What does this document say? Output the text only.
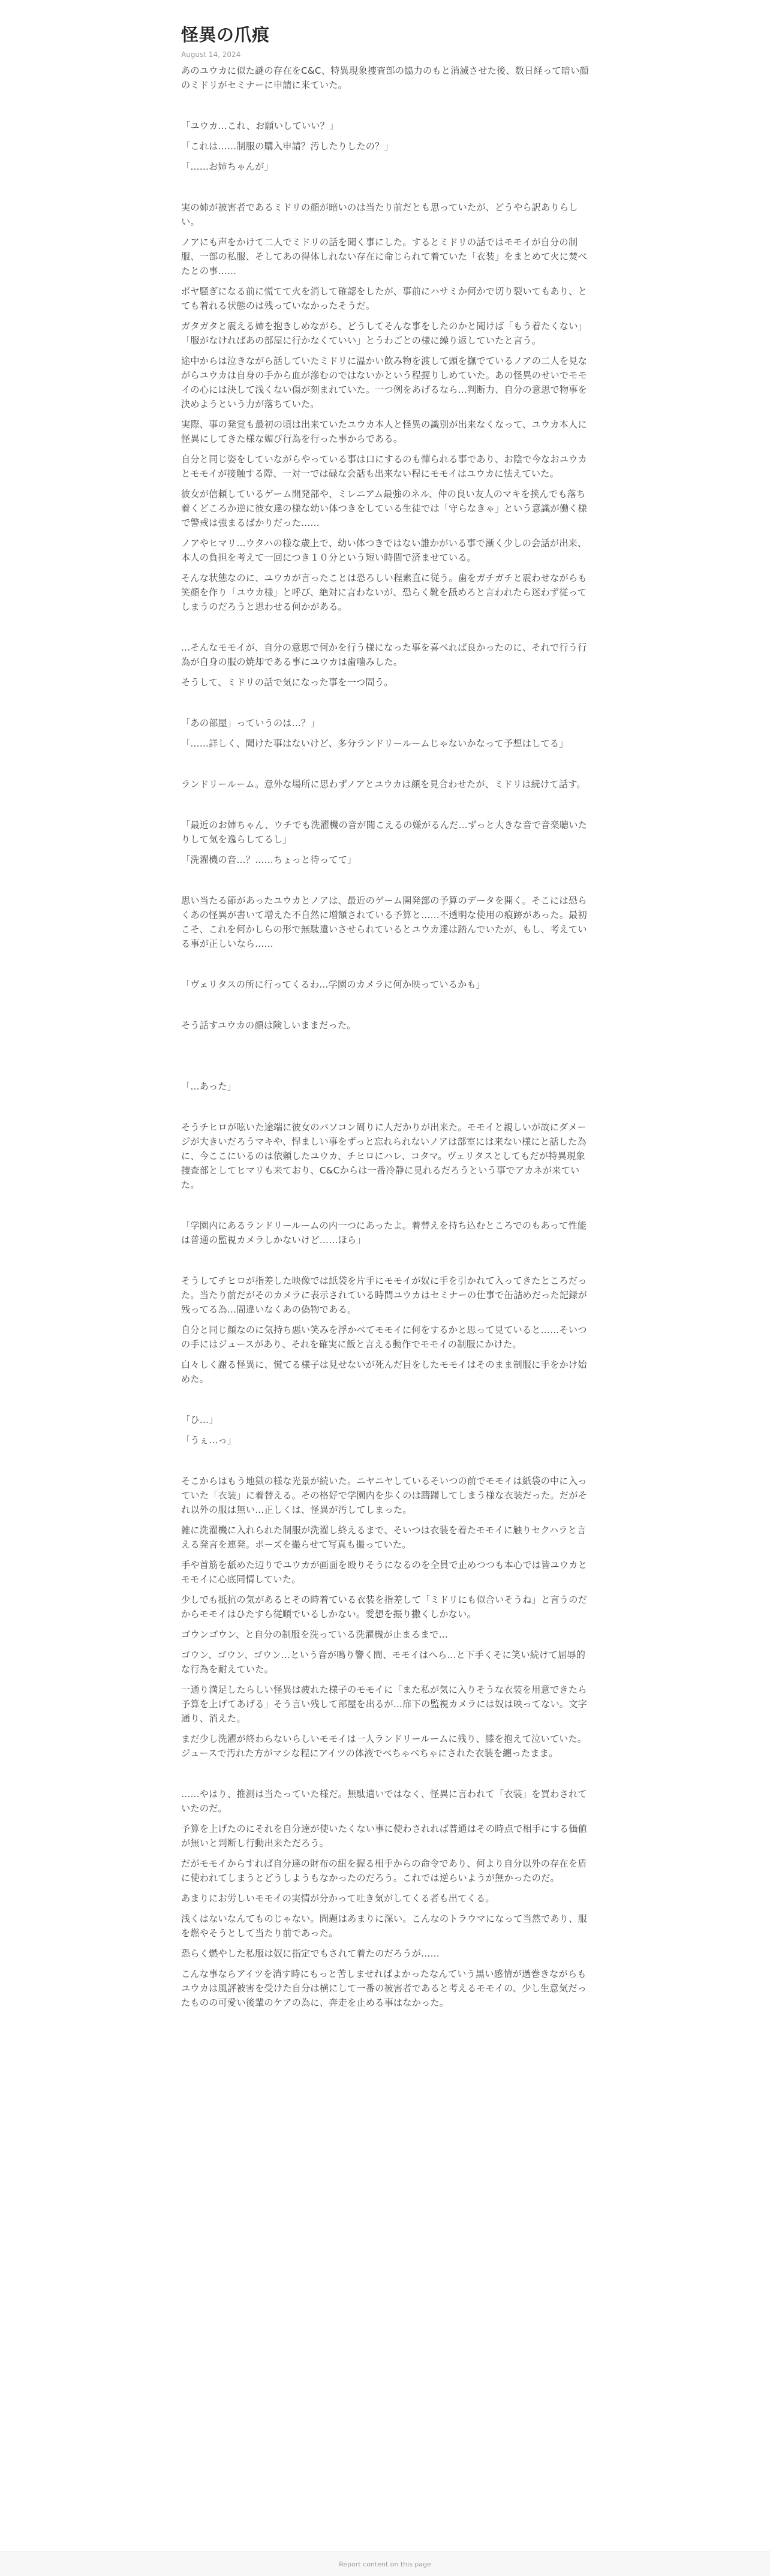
怪異の爪痕
August 14, 2024

あのユウカに似た謎の存在をC&C、特異現象捜査部の協力のもと消滅させた後、数日経って暗い顔のミドリがセミナーに申請に来ていた。

「ユウカ…これ、お願いしていい？」

「これは……制服の購入申請？汚したりしたの？」

「……お姉ちゃんが」

実の姉が被害者であるミドリの顔が暗いのは当たり前だとも思っていたが、どうやら訳ありらしい。

ノアにも声をかけて二人でミドリの話を聞く事にした。するとミドリの話ではモモイが自分の制服、一部の私服、そしてあの得体しれない存在に命じられて着ていた「衣装」をまとめて火に焚べたとの事……

ボヤ騒ぎになる前に慌てて火を消して確認をしたが、事前にハサミか何かで切り裂いてもあり、とても着れる状態のは残っていなかったそうだ。

ガタガタと震える姉を抱きしめながら、どうしてそんな事をしたのかと聞けば「もう着たくない」「服がなければあの部屋に行かなくていい」とうわごとの様に繰り返していたと言う。

途中からは泣きながら話していたミドリに温かい飲み物を渡して頭を撫でているノアの二人を見ながらユウカは自身の手から血が滲むのではないかという程握りしめていた。あの怪異のせいでモモイの心には決して浅くない傷が刻まれていた。一つ例をあげるなら…判断力、自分の意思で物事を決めようという力が落ちていた。

実際、事の発覚も最初の頃は出来ていたユウカ本人と怪異の識別が出来なくなって、ユウカ本人に怪異にしてきた様な媚び行為を行った事からである。

自分と同じ姿をしていながらやっている事は口にするのも憚られる事であり、お陰で今なおユウカとモモイが接触する際、一対一では碌な会話も出来ない程にモモイはユウカに怯えていた。

彼女が信頼しているゲーム開発部や、ミレニアム最強のネル、仲の良い友人のマキを挟んでも落ち着くどころか逆に彼女達の様な幼い体つきをしている生徒では「守らなきゃ」という意識が働く様で警戒は強まるばかりだった……

ノアやヒマリ…ウタハの様な歳上で、幼い体つきではない誰かがいる事で漸く少しの会話が出来、本人の負担を考えて一回につき１０分という短い時間で済ませている。

そんな状態なのに、ユウカが言ったことは恐ろしい程素直に従う。歯をガチガチと震わせながらも笑顔を作り「ユウカ様」と呼び、絶対に言わないが、恐らく靴を舐めろと言われたら迷わず従ってしまうのだろうと思わせる何かがある。

…そんなモモイが、自分の意思で何かを行う様になった事を喜べれば良かったのに、それで行う行為が自身の服の焼却である事にユウカは歯噛みした。

そうして、ミドリの話で気になった事を一つ問う。

「あの部屋」っていうのは…？」

「……詳しく、聞けた事はないけど、多分ランドリールームじゃないかなって予想はしてる」

ランドリールーム。意外な場所に思わずノアとユウカは顔を見合わせたが、ミドリは続けて話す。

「最近のお姉ちゃん、ウチでも洗濯機の音が聞こえるの嫌がるんだ…ずっと大きな音で音楽聴いたりして気を逸らしてるし」

「洗濯機の音…？……ちょっと待ってて」

思い当たる節があったユウカとノアは、最近のゲーム開発部の予算のデータを開く。そこには恐らくあの怪異が書いて増えた不自然に増額されている予算と……不透明な使用の痕跡があった。最初こそ、これを何かしらの形で無駄遣いさせられているとユウカ達は踏んでいたが、もし、考えている事が正しいなら……

「ヴェリタスの所に行ってくるわ…学園のカメラに何か映っているかも」

そう話すユウカの顔は険しいままだった。

「…あった」

そうチヒロが呟いた途端に彼女のパソコン周りに人だかりが出来た。モモイと親しいが故にダメージが大きいだろうマキや、悍ましい事をずっと忘れられないノアは部室には来ない様にと話した為に、今ここにいるのは依頼したユウカ、チヒロにハレ、コタマ。ヴェリタスとしてもだが特異現象捜査部としてヒマリも来ており、C&Cからは一番冷静に見れるだろうという事でアカネが来ていた。

「学園内にあるランドリールームの内一つにあったよ。着替えを持ち込むところでのもあって性能は普通の監視カメラしかないけど……ほら」

そうしてチヒロが指差した映像では紙袋を片手にモモイが奴に手を引かれて入ってきたところだった。当たり前だがそのカメラに表示されている時間ユウカはセミナーの仕事で缶詰めだった記録が残ってる為…間違いなくあの偽物である。

自分と同じ顔なのに気持ち悪い笑みを浮かべてモモイに何をするかと思って見ていると……そいつの手にはジュースがあり、それを確実に飯と言える動作でモモイの制服にかけた。

白々しく謝る怪異に、慌てる様子は見せないが死んだ目をしたモモイはそのまま制服に手をかけ始めた。

「ひ…」

「うぇ…っ」

そこからはもう地獄の様な光景が続いた。ニヤニヤしているそいつの前でモモイは紙袋の中に入っていた「衣装」に着替える。その格好で学園内を歩くのは躊躇してしまう様な衣装だった。だがそれ以外の服は無い…正しくは、怪異が汚してしまった。

雑に洗濯機に入れられた制服が洗濯し終えるまで、そいつは衣装を着たモモイに触りセクハラと言える発言を連発。ポーズを撮らせて写真も撮っていた。

手や首筋を舐めた辺りでユウカが画面を殴りそうになるのを全員で止めつつも本心では皆ユウカとモモイに心底同情していた。

少しでも抵抗の気があるとその時着ている衣装を指差して「ミドリにも似合いそうね」と言うのだからモモイはひたすら従順でいるしかない。愛想を振り撒くしかない。

ゴウンゴウン、と自分の制服を洗っている洗濯機が止まるまで…

ゴウン、ゴウン、ゴウン…という音が鳴り響く間、モモイはへら…と下手くそに笑い続けて屈辱的な行為を耐えていた。

一通り満足したらしい怪異は疲れた様子のモモイに「また私が気に入りそうな衣装を用意できたら予算を上げてあげる」そう言い残して部屋を出るが…扉下の監視カメラには奴は映ってない。文字通り、消えた。

まだ少し洗濯が終わらないらしいモモイは一人ランドリールームに残り、膝を抱えて泣いていた。ジュースで汚れた方がマシな程にアイツの体液でべちゃべちゃにされた衣装を纏ったまま。

……やはり、推測は当たっていた様だ。無駄遣いではなく、怪異に言われて「衣装」を買わされていたのだ。

予算を上げたのにそれを自分達が使いたくない事に使わされれば普通はその時点で相手にする価値が無いと判断し行動出来ただろう。

だがモモイからすれば自分達の財布の紐を握る相手からの命令であり、何より自分以外の存在を盾に使われてしまうとどうしようもなかったのだろう。これでは逆らいようが無かったのだ。

あまりにお労しいモモイの実情が分かって吐き気がしてくる者も出てくる。

浅くはないなんてものじゃない。問題はあまりに深い。こんなのトラウマになって当然であり、服を燃やそうとして当たり前であった。

恐らく燃やした私服は奴に指定でもされて着たのだろうが……

こんな事ならアイツを消す時にもっと苦しませればよかったなんていう黒い感情が過巻きながらもユウカは風評被害を受けた自分は横にして一番の被害者であると考えるモモイの、少し生意気だったものの可愛い後輩のケアの為に、奔走を止める事はなかった。

Report content on this page
